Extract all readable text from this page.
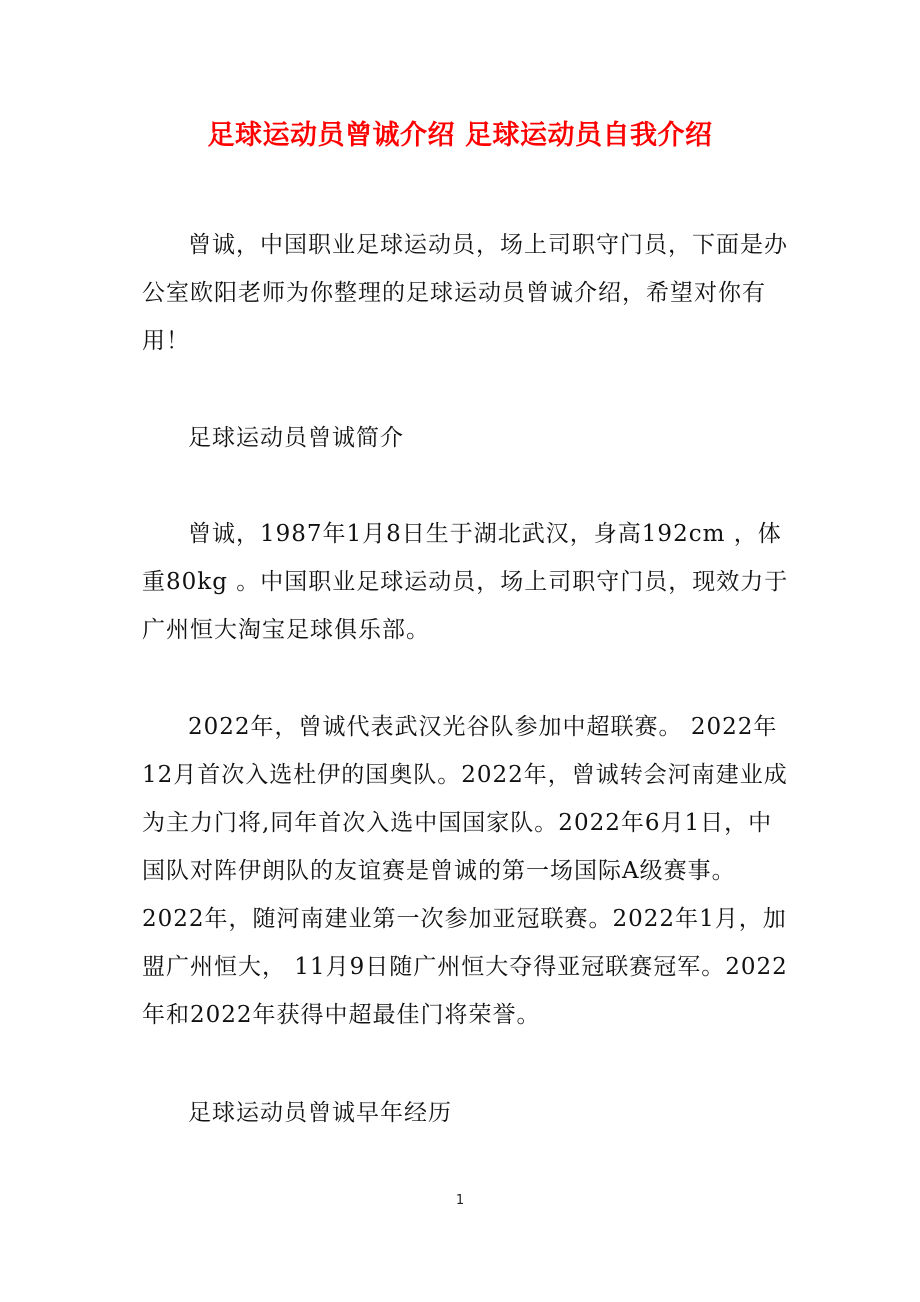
足球运动员曾诚介绍 足球运动员自我介绍

曾诚，中国职业足球运动员，场上司职守门员，下面是办公室欧阳老师为你整理的足球运动员曾诚介绍，希望对你有用！

足球运动员曾诚简介

曾诚，1987年1月8日生于湖北武汉，身高192cm ，体重80kg 。中国职业足球运动员，场上司职守门员，现效力于广州恒大淘宝足球俱乐部。

2022年，曾诚代表武汉光谷队参加中超联赛。 2022年12月首次入选杜伊的国奥队。2022年，曾诚转会河南建业成为主力门将,同年首次入选中国国家队。2022年6月1日，中国队对阵伊朗队的友谊赛是曾诚的第一场国际A级赛事。2022年，随河南建业第一次参加亚冠联赛。2022年1月，加盟广州恒大， 11月9日随广州恒大夺得亚冠联赛冠军。2022年和2022年获得中超最佳门将荣誉。

足球运动员曾诚早年经历

1
